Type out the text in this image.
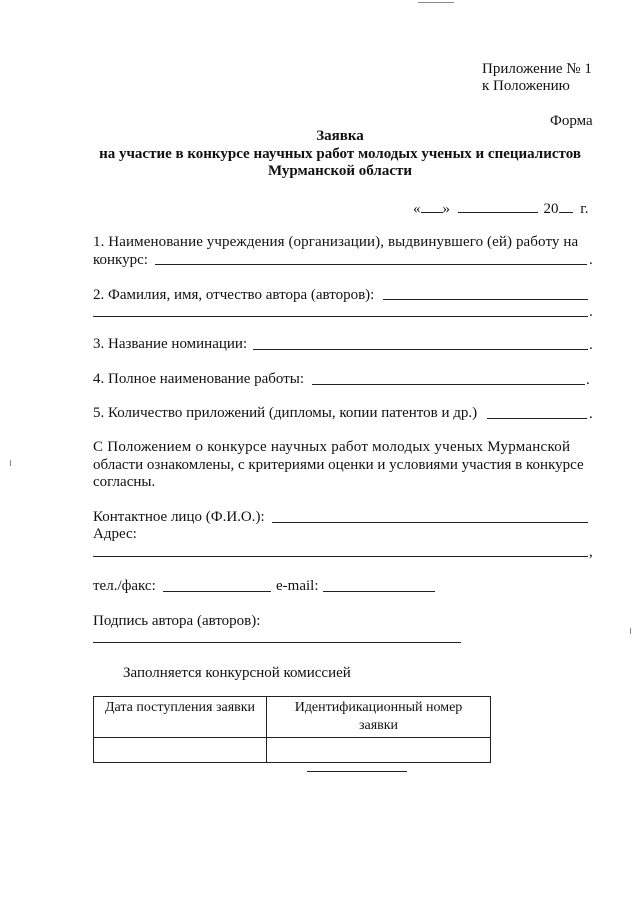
Приложение № 1
к Положению
Форма
Заявка
на участие в конкурсе научных работ молодых ученых и специалистов
Мурманской области
« »	20 г.
1. Наименование учреждения (организации), выдвинувшего (ей) работу на
конкурс:	.
2. Фамилия, имя, отчество автора (авторов):
.
3. Название номинации:	.
4. Полное наименование работы:	.
5. Количество приложений (дипломы, копии патентов и др.)	.
С Положением о конкурсе научных работ молодых ученых Мурманской
области ознакомлены, с критериями оценки и условиями участия в конкурсе
согласны.
Контактное лицо (Ф.И.О.):
Адрес:
,
тел./факс:	e-mail:
Подпись автора (авторов):
Заполняется конкурсной комиссией
Дата поступления заявки	Идентификационный номер
заявки
